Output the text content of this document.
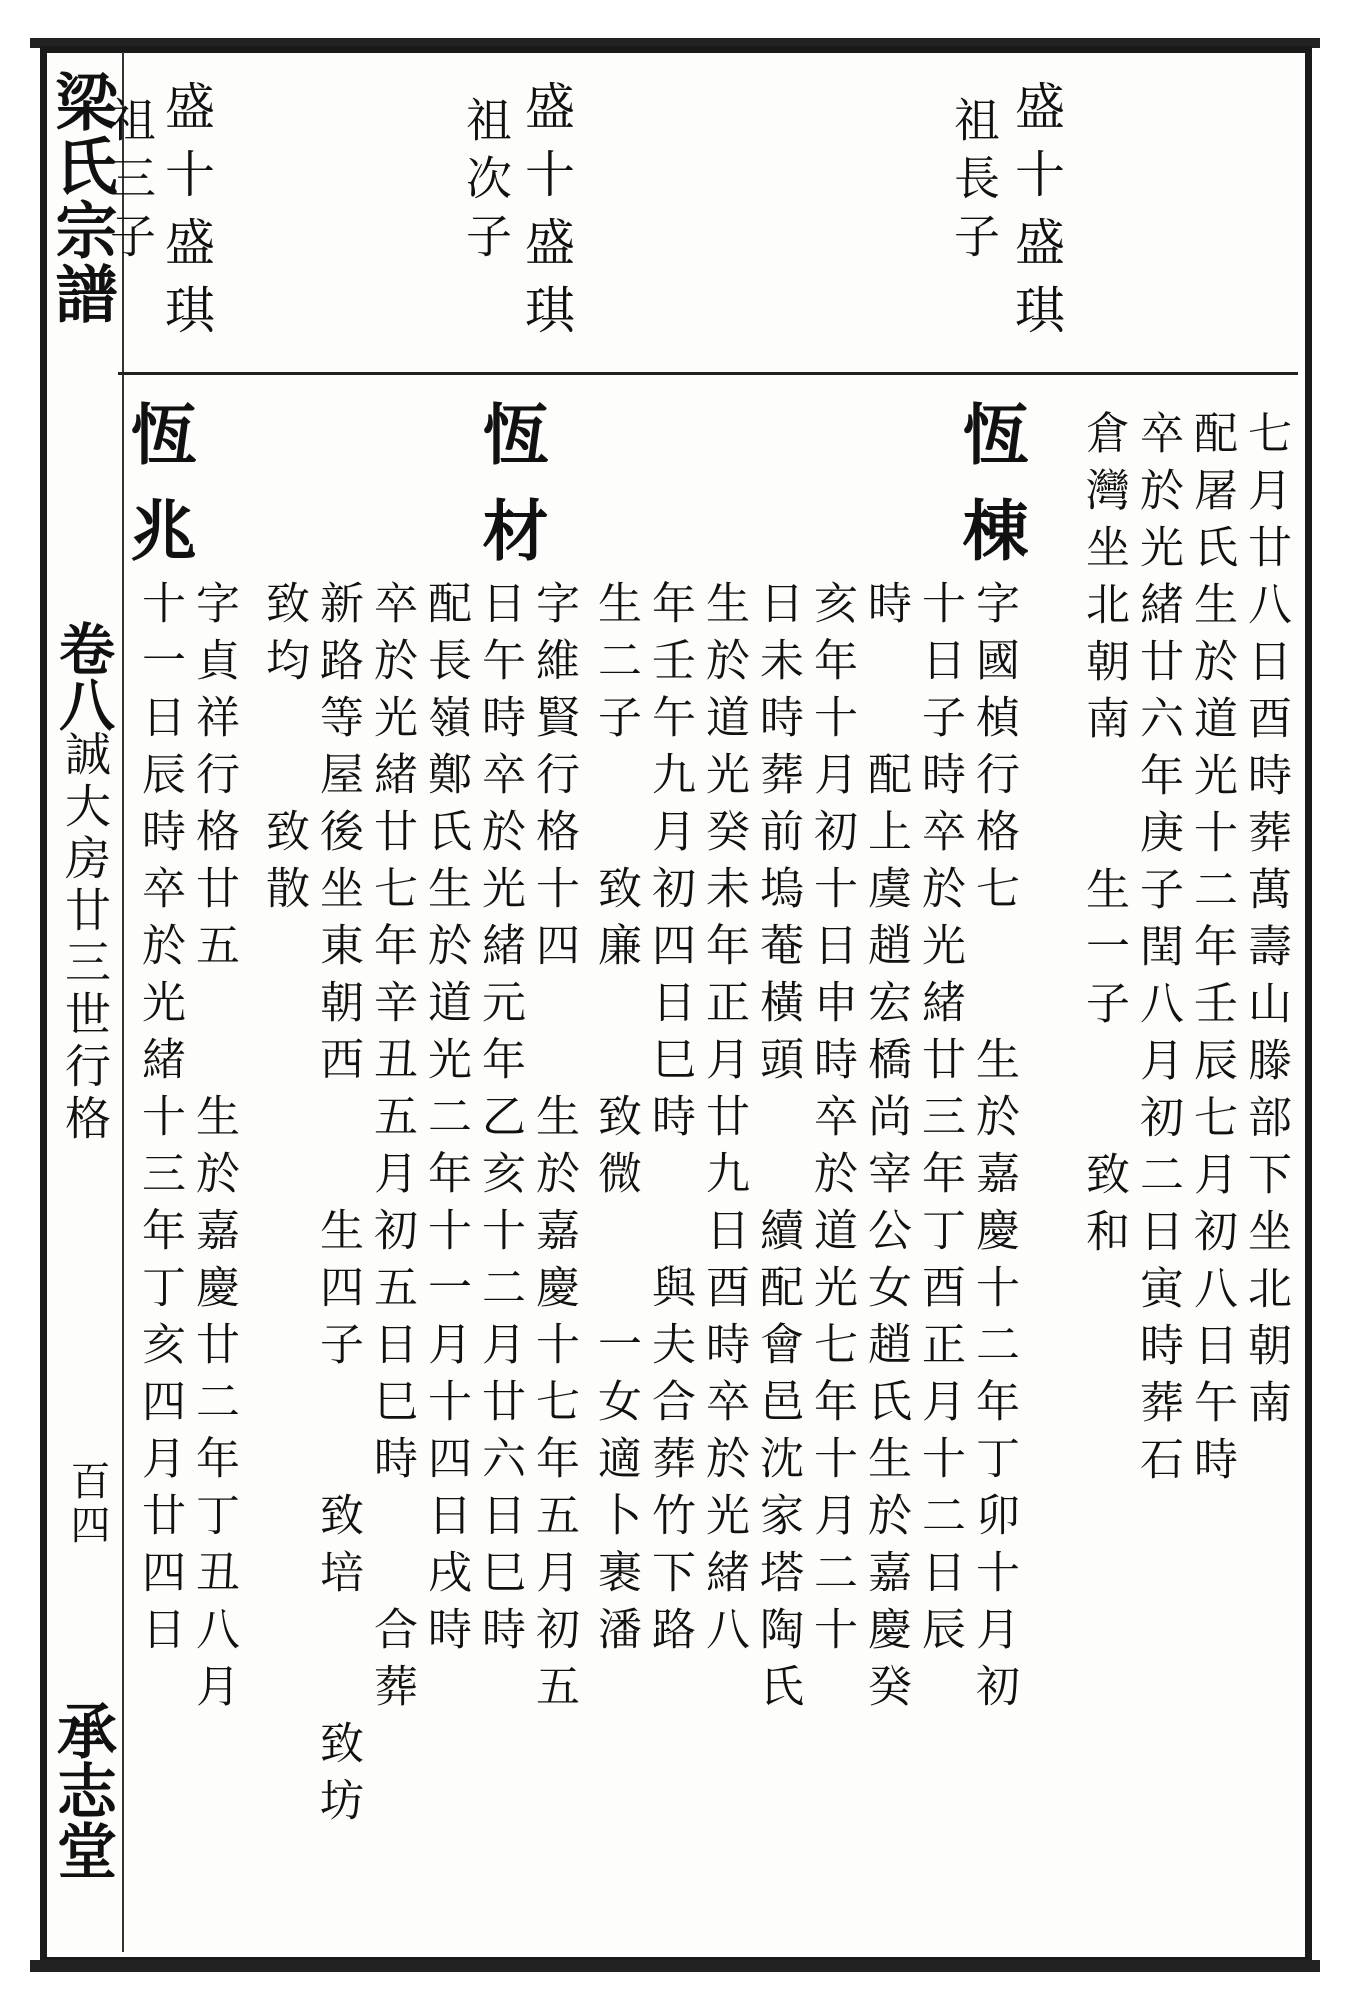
梁氏宗譜
卷八
誠大房廿三世行格
百四
承志堂
盛十盛琪
祖長子
盛十盛琪
祖次子
盛十盛琪
祖三子
七月廿八日酉時葬萬壽山滕部下坐北朝南
配屠氏生於道光十二年壬辰七月初八日午時
卒於光緒廿六年庚子閏八月初二日寅時葬石
倉灣坐北朝南　　生一子　　致和
恆棟
字國楨行格七　　生於嘉慶十二年丁卯十月初
十日子時卒於光緒廿三年丁酉正月十二日辰
時　　配上虞趙宏橋尚宰公女趙氏生於嘉慶癸
亥年十月初十日申時卒於道光七年十月二十
日未時葬前塢菴橫頭　　續配會邑沈家塔陶氏
生於道光癸未年正月廿九日酉時卒於光緒八
年壬午九月初四日巳時　　與夫合葬竹下路
生二子　　致廉　　致微　　一女適卜裹潘
恆材
字維賢行格十四　　生於嘉慶十七年五月初五
日午時卒於光緒元年乙亥十二月廿六日巳時
配長嶺鄭氏生於道光二年十一月十四日戌時
卒於光緒廿七年辛丑五月初五日巳時　　合葬
新路等屋後坐東朝西　　生四子　　致培　　致坊
致均　　致散
恆兆
字貞祥行格廿五　　生於嘉慶廿二年丁丑八月
十一日辰時卒於光緒十三年丁亥四月廿四日
